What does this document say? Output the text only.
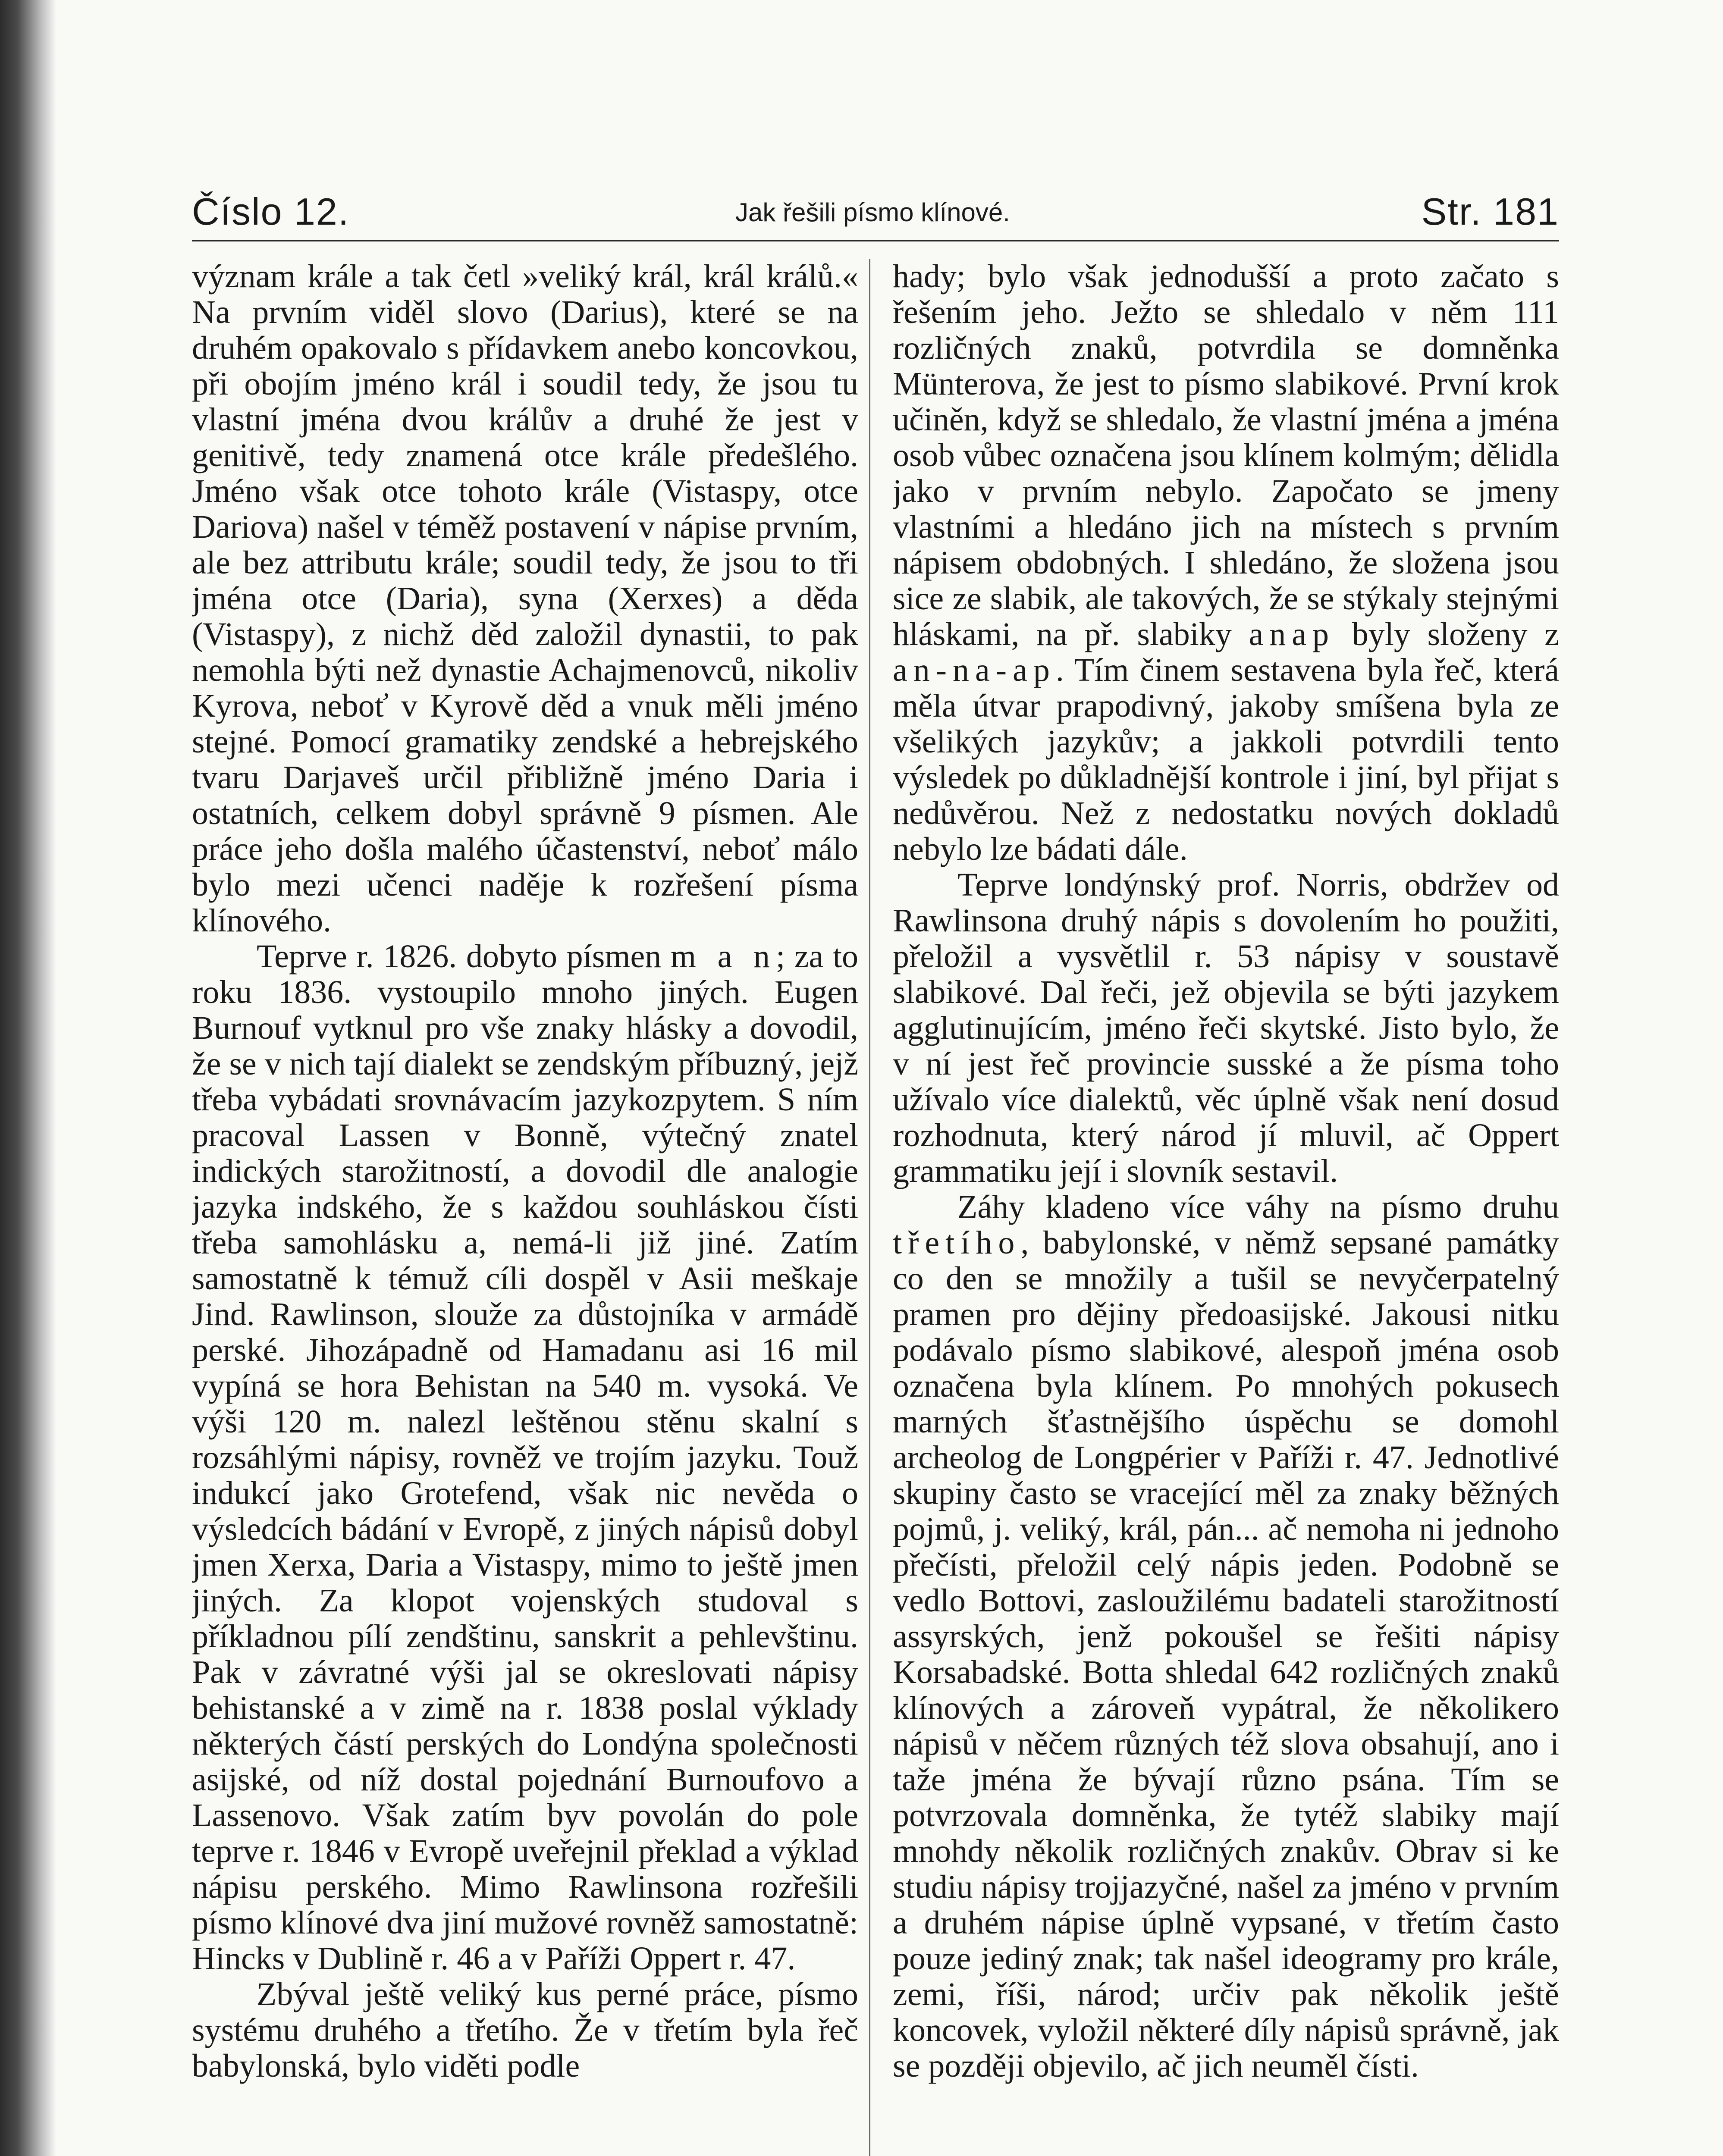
Číslo 12.	Jak řešili písmo klínové.	Str. 181

význam krále a tak četl »veliký král, král králů.« Na prvním viděl slovo (Darius), které se na druhém opakovalo s přídavkem anebo koncovkou, při obojím jméno král i soudil tedy, že jsou tu vlastní jména dvou králův a druhé že jest v genitivě, tedy znamená otce krále předešlého. Jméno však otce tohoto krále (Vistaspy, otce Dariova) našel v téměž postavení v nápise prvním, ale bez attributu krále; soudil tedy, že jsou to tři jména otce (Daria), syna (Xerxes) a děda (Vistaspy), z nichž děd založil dynastii, to pak nemohla býti než dynastie Achajmenovců, nikoliv Kyrova, neboť v Kyrově děd a vnuk měli jméno stejné. Pomocí gramatiky zendské a hebrejského tvaru Darjaveš určil přibližně jméno Daria i ostatních, celkem dobyl správně 9 písmen. Ale práce jeho došla malého účastenství, neboť málo bylo mezi učenci naděje k rozřešení písma klínového.

Teprve r. 1826. dobyto písmen m a n; za to roku 1836. vystoupilo mnoho jiných. Eugen Burnouf vytknul pro vše znaky hlásky a dovodil, že se v nich tají dialekt se zendským příbuzný, jejž třeba vybádati srovnávacím jazykozpytem. S ním pracoval Lassen v Bonně, výtečný znatel indických starožitností, a dovodil dle analogie jazyka indského, že s každou souhláskou čísti třeba samohlásku a, nemá-li již jiné. Zatím samostatně k témuž cíli dospěl v Asii meškaje Jind. Rawlinson, slouže za důstojníka v armádě perské. Jihozápadně od Hamadanu asi 16 mil vypíná se hora Behistan na 540 m. vysoká. Ve výši 120 m. nalezl leštěnou stěnu skalní s rozsáhlými nápisy, rovněž ve trojím jazyku. Touž indukcí jako Grotefend, však nic nevěda o výsledcích bádání v Evropě, z jiných nápisů dobyl jmen Xerxa, Daria a Vistaspy, mimo to ještě jmen jiných. Za klopot vojenských studoval s příkladnou pílí zendštinu, sanskrit a pehlevštinu. Pak v závratné výši jal se okreslovati nápisy behistanské a v zimě na r. 1838 poslal výklady některých částí perských do Londýna společnosti asijské, od níž dostal pojednání Burnoufovo a Lassenovo. Však zatím byv povolán do pole teprve r. 1846 v Evropě uveřejnil překlad a výklad nápisu perského. Mimo Rawlinsona rozřešili písmo klínové dva jiní mužové rovněž samostatně: Hincks v Dublině r. 46 a v Paříži Oppert r. 47.

Zbýval ještě veliký kus perné práce, písmo systému druhého a třetího. Že v třetím byla řeč babylonská, bylo viděti podle

hady; bylo však jednodušší a proto začato s řešením jeho. Ježto se shledalo v něm 111 rozličných znaků, potvrdila se domněnka Münterova, že jest to písmo slabikové. První krok učiněn, když se shledalo, že vlastní jména a jména osob vůbec označena jsou klínem kolmým; dělidla jako v prvním nebylo. Započato se jmeny vlastními a hledáno jich na místech s prvním nápisem obdobných. I shledáno, že složena jsou sice ze slabik, ale takových, že se stýkaly stejnými hláskami, na př. slabiky anap byly složeny z an-na-ap. Tím činem sestavena byla řeč, která měla útvar prapodivný, jakoby smíšena byla ze všelikých jazykův; a jakkoli potvrdili tento výsledek po důkladnější kontrole i jiní, byl přijat s nedůvěrou. Než z nedostatku nových dokladů nebylo lze bádati dále.

Teprve londýnský prof. Norris, obdržev od Rawlinsona druhý nápis s dovolením ho použiti, přeložil a vysvětlil r. 53 nápisy v soustavě slabikové. Dal řeči, jež objevila se býti jazykem agglutinujícím, jméno řeči skytské. Jisto bylo, že v ní jest řeč provincie susské a že písma toho užívalo více dialektů, věc úplně však není dosud rozhodnuta, který národ jí mluvil, ač Oppert grammatiku její i slovník sestavil.

Záhy kladeno více váhy na písmo druhu třetího, babylonské, v němž sepsané památky co den se množily a tušil se nevyčerpatelný pramen pro dějiny předoasijské. Jakousi nitku podávalo písmo slabikové, alespoň jména osob označena byla klínem. Po mnohých pokusech marných šťastnějšího úspěchu se domohl archeolog de Longpérier v Paříži r. 47. Jednotlivé skupiny často se vracející měl za znaky běžných pojmů, j. veliký, král, pán... ač nemoha ni jednoho přečísti, přeložil celý nápis jeden. Podobně se vedlo Bottovi, zasloužilému badateli starožitností assyrských, jenž pokoušel se řešiti nápisy Korsabadské. Botta shledal 642 rozličných znaků klínových a zároveň vypátral, že několikero nápisů v něčem různých též slova obsahují, ano i taže jména že bývají různo psána. Tím se potvrzovala domněnka, že tytéž slabiky mají mnohdy několik rozličných znakův. Obrav si ke studiu nápisy trojjazyčné, našel za jméno v prvním a druhém nápise úplně vypsané, v třetím často pouze jediný znak; tak našel ideogramy pro krále, zemi, říši, národ; určiv pak několik ještě koncovek, vyložil některé díly nápisů správně, jak se později objevilo, ač jich neuměl čísti.
